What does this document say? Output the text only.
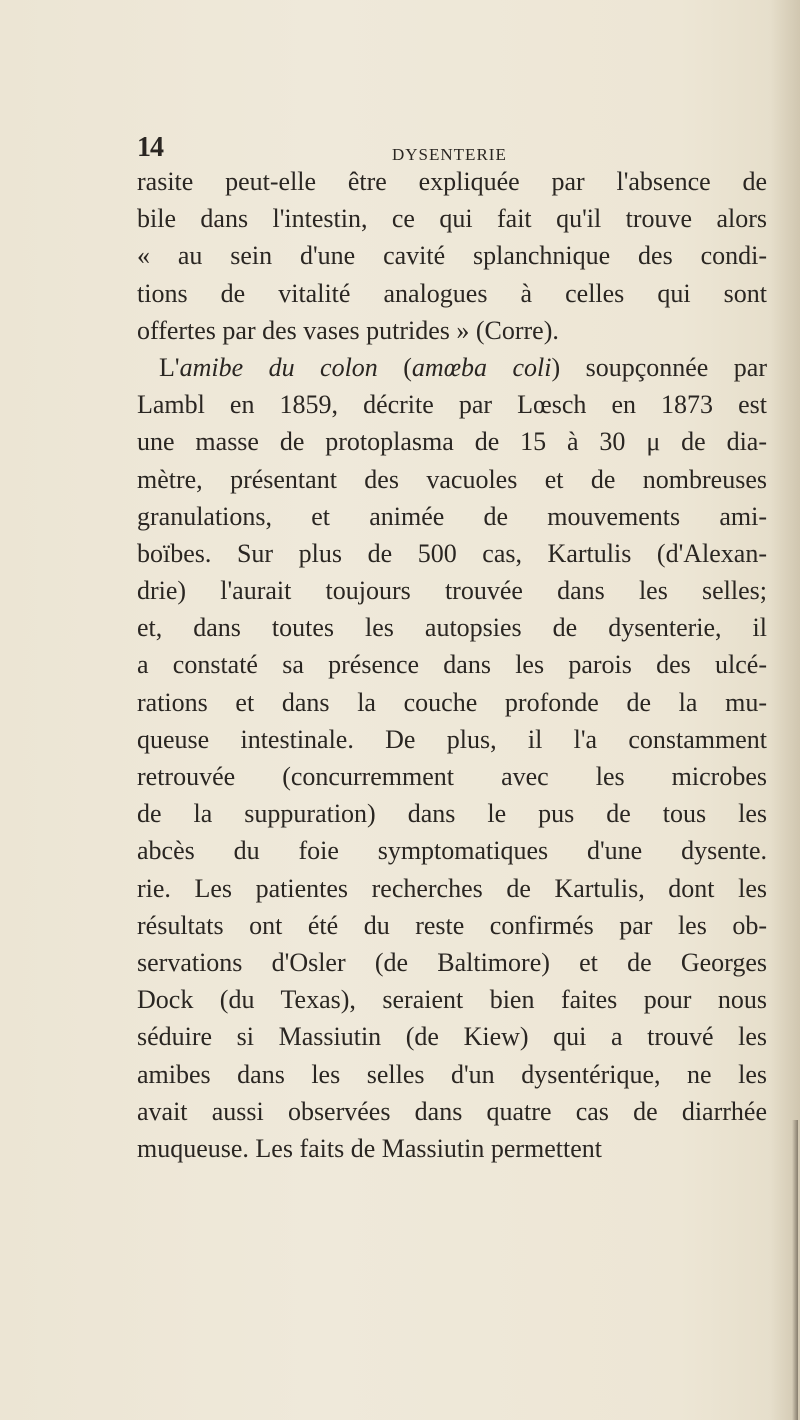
14	DYSENTERIE
rasite peut-elle être expliquée par l'absence de
bile dans l'intestin, ce qui fait qu'il trouve alors
« au sein d'une cavité splanchnique des condi-
tions de vitalité analogues à celles qui sont
offertes par des vases putrides » (Corre).
L'amibe du colon (amœba coli) soupçonnée par
Lambl en 1859, décrite par Lœsch en 1873 est
une masse de protoplasma de 15 à 30 μ de dia-
mètre, présentant des vacuoles et de nombreuses
granulations, et animée de mouvements ami-
boïbes. Sur plus de 500 cas, Kartulis (d'Alexan-
drie) l'aurait toujours trouvée dans les selles;
et, dans toutes les autopsies de dysenterie, il
a constaté sa présence dans les parois des ulcé-
rations et dans la couche profonde de la mu-
queuse intestinale. De plus, il l'a constamment
retrouvée (concurremment avec les microbes
de la suppuration) dans le pus de tous les
abcès du foie symptomatiques d'une dysente.
rie. Les patientes recherches de Kartulis, dont les
résultats ont été du reste confirmés par les ob-
servations d'Osler (de Baltimore) et de Georges
Dock (du Texas), seraient bien faites pour nous
séduire si Massiutin (de Kiew) qui a trouvé les
amibes dans les selles d'un dysentérique, ne les
avait aussi observées dans quatre cas de diarrhée
muqueuse. Les faits de Massiutin permettent
